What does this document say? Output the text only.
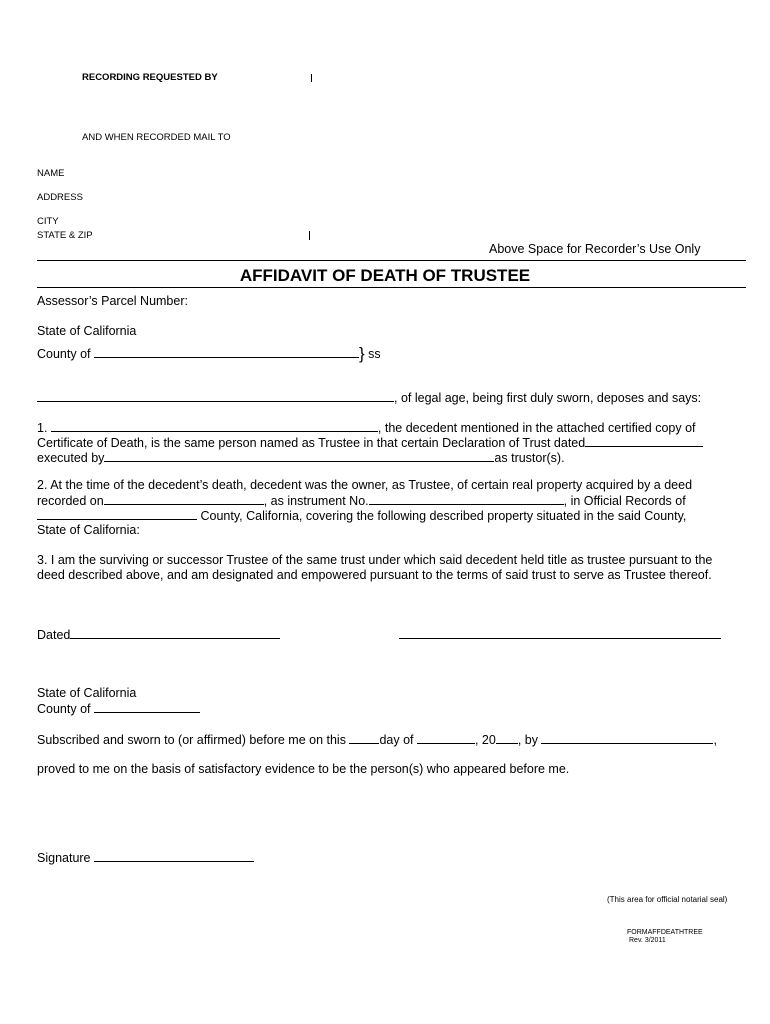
RECORDING REQUESTED BY
AND WHEN RECORDED MAIL TO
NAME
ADDRESS
CITY
STATE & ZIP
Above Space for Recorder’s Use Only
AFFIDAVIT OF DEATH OF TRUSTEE
Assessor’s Parcel Number:
State of California
County of	} ss
, of legal age, being first duly sworn, deposes and says:
1.	, the decedent mentioned in the attached certified copy of
Certificate of Death, is the same person named as Trustee in that certain Declaration of Trust dated
executed by	as trustor(s).
2. At the time of the decedent’s death, decedent was the owner, as Trustee, of certain real property acquired by a deed
recorded on	, as instrument No.	, in Official Records of
County, California, covering the following described property situated in the said County,
State of California:
3. I am the surviving or successor Trustee of the same trust under which said decedent held title as trustee pursuant to the
deed described above, and am designated and empowered pursuant to the terms of said trust to serve as Trustee thereof.
Dated
State of California
County of
Subscribed and sworn to (or affirmed) before me on this	day of	, 20 , by	,
proved to me on the basis of satisfactory evidence to be the person(s) who appeared before me.
Signature
(This area for official notarial seal)
FORMAFFDEATHTREE
Rev. 3/2011
